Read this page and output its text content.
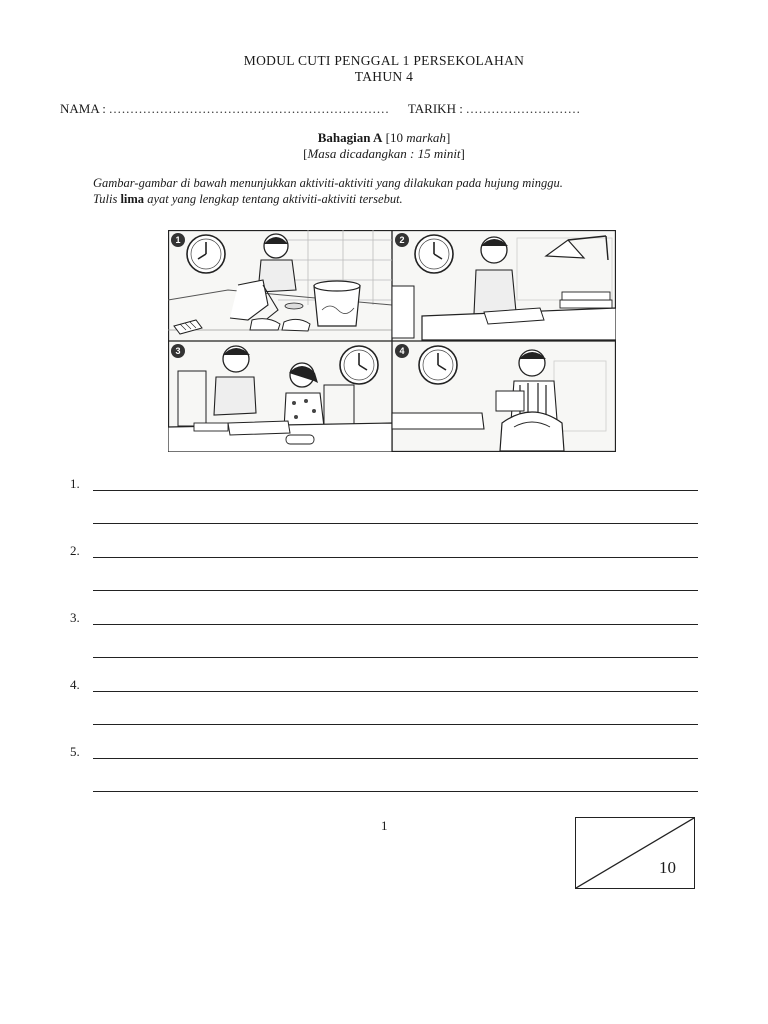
MODUL CUTI PENGGAL 1 PERSEKOLAHAN
TAHUN 4
NAMA : .................................................................. TARIKH : ...........................
Bahagian A [10 markah]
[Masa dicadangkan : 15 minit]
Gambar-gambar di bawah menunjukkan aktiviti-aktiviti yang dilakukan pada hujung minggu.
Tulis lima ayat yang lengkap tentang aktiviti-aktiviti tersebut.
1	2
3	4
1.
2.
3.
4.
5.
1
10
